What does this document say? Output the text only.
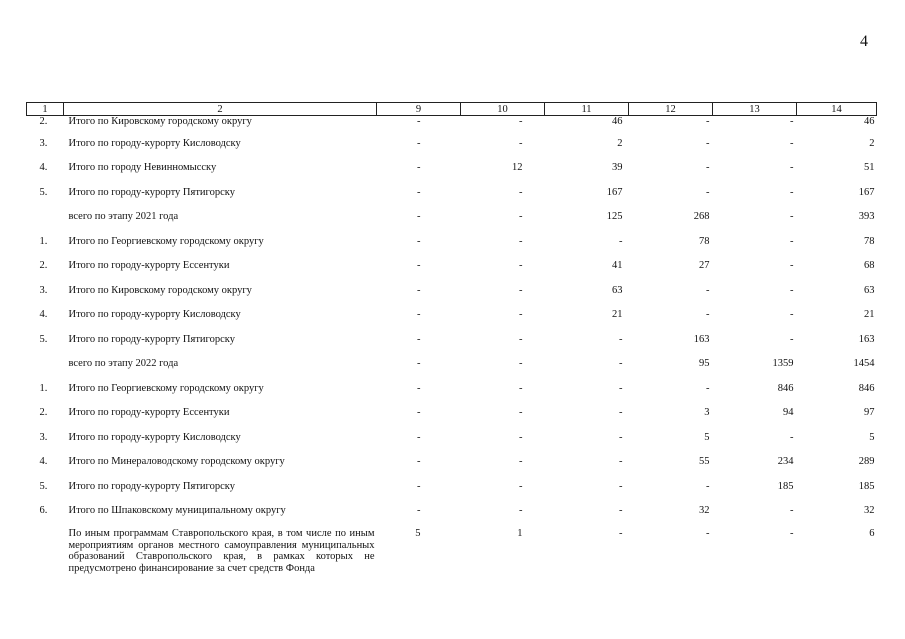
4
1	2	9	10	11	12	13	14
2.	Итого по Кировскому городскому округу	-	-	46	-	-	46
3.	Итого по городу-курорту Кисловодску	-	-	2	-	-	2
4.	Итого по городу Невинномысску	-	12	39	-	-	51
5.	Итого по городу-курорту Пятигорску	-	-	167	-	-	167
	всего по этапу 2021 года	-	-	125	268	-	393
1.	Итого по Георгиевскому городскому округу	-	-	-	78	-	78
2.	Итого по городу-курорту Ессентуки	-	-	41	27	-	68
3.	Итого по Кировскому городскому округу	-	-	63	-	-	63
4.	Итого по городу-курорту Кисловодску	-	-	21	-	-	21
5.	Итого по городу-курорту Пятигорску	-	-	-	163	-	163
	всего по этапу 2022 года	-	-	-	95	1359	1454
1.	Итого по Георгиевскому городскому округу	-	-	-	-	846	846
2.	Итого по городу-курорту Ессентуки	-	-	-	3	94	97
3.	Итого по городу-курорту Кисловодску	-	-	-	5	-	5
4.	Итого по Минераловодскому городскому округу	-	-	-	55	234	289
5.	Итого по городу-курорту Пятигорску	-	-	-	-	185	185
6.	Итого по Шпаковскому муниципальному округу	-	-	-	32	-	32
	По иным программам Ставропольского края, в том числе по иным мероприятиям органов местного самоуправления муниципальных образований Ставропольского края, в рамках которых не предусмотрено финансирование за счет средств Фонда	5	1	-	-	-	6
